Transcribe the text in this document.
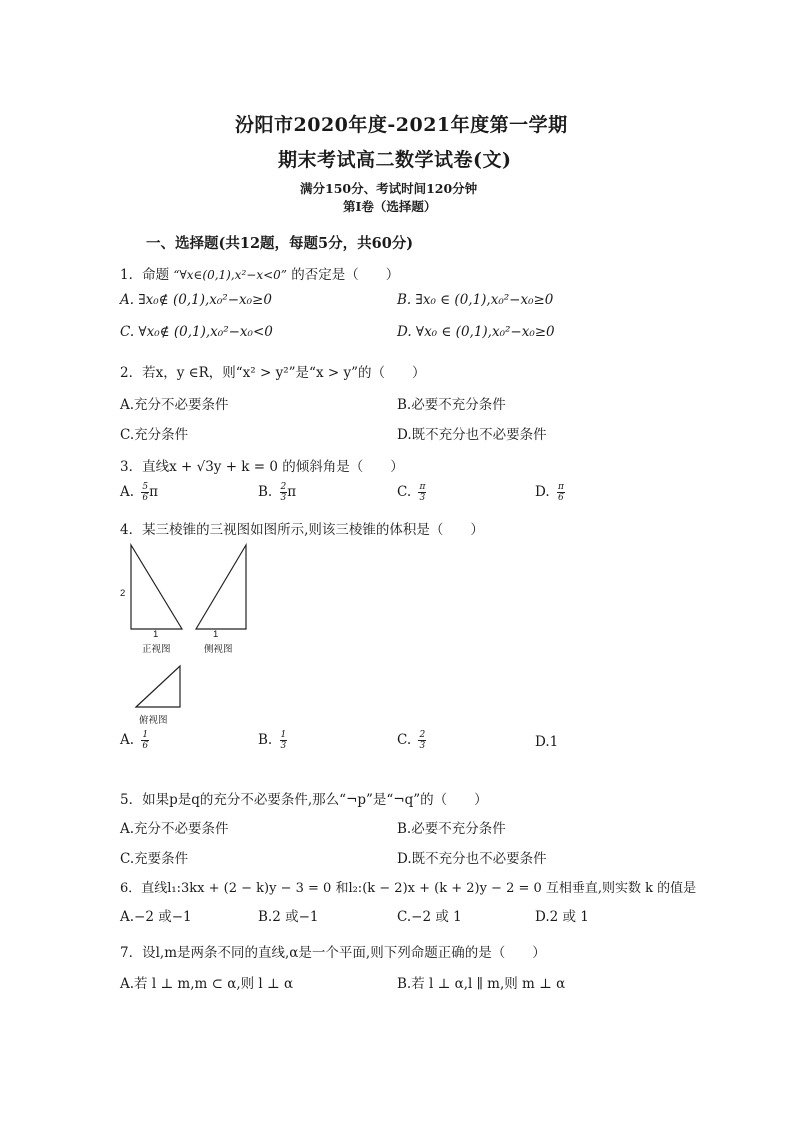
汾阳市2020年度-2021年度第一学期
期末考试高二数学试卷(文)
满分150分、考试时间120分钟
第Ⅰ卷（选择题）
一、选择题(共12题，每题5分，共60分)
1．命题 “∀x∈(0,1),x²−x<0” 的否定是（　　）
A. ∃x₀∉ (0,1),x₀²−x₀≥0	B. ∃x₀ ∈ (0,1),x₀²−x₀≥0
C. ∀x₀∉ (0,1),x₀²−x₀<0	D. ∀x₀ ∈ (0,1),x₀²−x₀≥0
2．若x，y ∈R，则“x² > y²”是“x > y”的（　　）
A.充分不必要条件	B.必要不充分条件
C.充分条件	D.既不充分也不必要条件
3．直线x + √3y + k = 0 的倾斜角是（　　）
A. $\frac{5}{6}$ π	B. $\frac{2}{3}$ π	C. $\frac{\pi}{3}$	D. $\frac{\pi}{6}$
4．某三棱锥的三视图如图所示,则该三棱锥的体积是（　　）
2
1	1
正视图	侧视图
俯视图
A. $\frac{1}{6}$	B. $\frac{1}{3}$	C. $\frac{2}{3}$	D.1
5．如果p是q的充分不必要条件,那么“¬p”是“¬q”的（　　）
A.充分不必要条件	B.必要不充分条件
C.充要条件	D.既不充分也不必要条件
6．直线l₁:3kx + (2 − k)y − 3 = 0 和l₂:(k − 2)x + (k + 2)y − 2 = 0 互相垂直,则实数 k 的值是
A.−2 或−1	B.2 或−1	C.−2 或 1	D.2 或 1
7．设l,m是两条不同的直线,α是一个平面,则下列命题正确的是（　　）
A.若 l ⊥ m,m ⊂ α,则 l ⊥ α	B.若 l ⊥ α,l ∥ m,则 m ⊥ α
